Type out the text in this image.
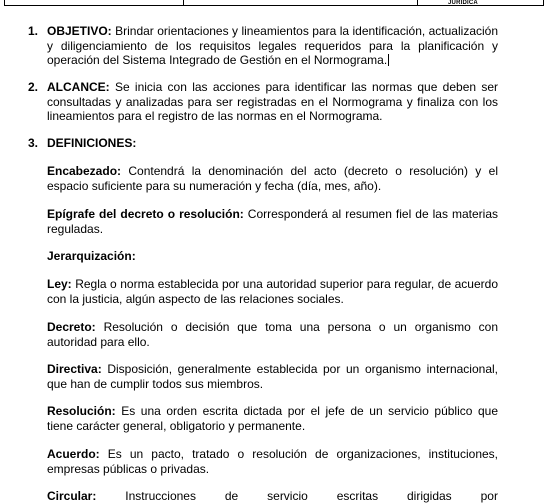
JURÍDICA
1. OBJETIVO: Brindar orientaciones y lineamientos para la identificación, actualización y diligenciamiento de los requisitos legales requeridos para la planificación y operación del Sistema Integrado de Gestión en el Normograma.
2. ALCANCE: Se inicia con las acciones para identificar las normas que deben ser consultadas y analizadas para ser registradas en el Normograma y finaliza con los lineamientos para el registro de las normas en el Normograma.
3. DEFINICIONES:
Encabezado: Contendrá la denominación del acto (decreto o resolución) y el espacio suficiente para su numeración y fecha (día, mes, año).
Epígrafe del decreto o resolución: Corresponderá al resumen fiel de las materias reguladas.
Jerarquización:
Ley: Regla o norma establecida por una autoridad superior para regular, de acuerdo con la justicia, algún aspecto de las relaciones sociales.
Decreto: Resolución o decisión que toma una persona o un organismo con autoridad para ello.
Directiva: Disposición, generalmente establecida por un organismo internacional, que han de cumplir todos sus miembros.
Resolución: Es una orden escrita dictada por el jefe de un servicio público que tiene carácter general, obligatorio y permanente.
Acuerdo: Es un pacto, tratado o resolución de organizaciones, instituciones, empresas públicas o privadas.
Circular: Instrucciones de servicio escritas dirigidas por
